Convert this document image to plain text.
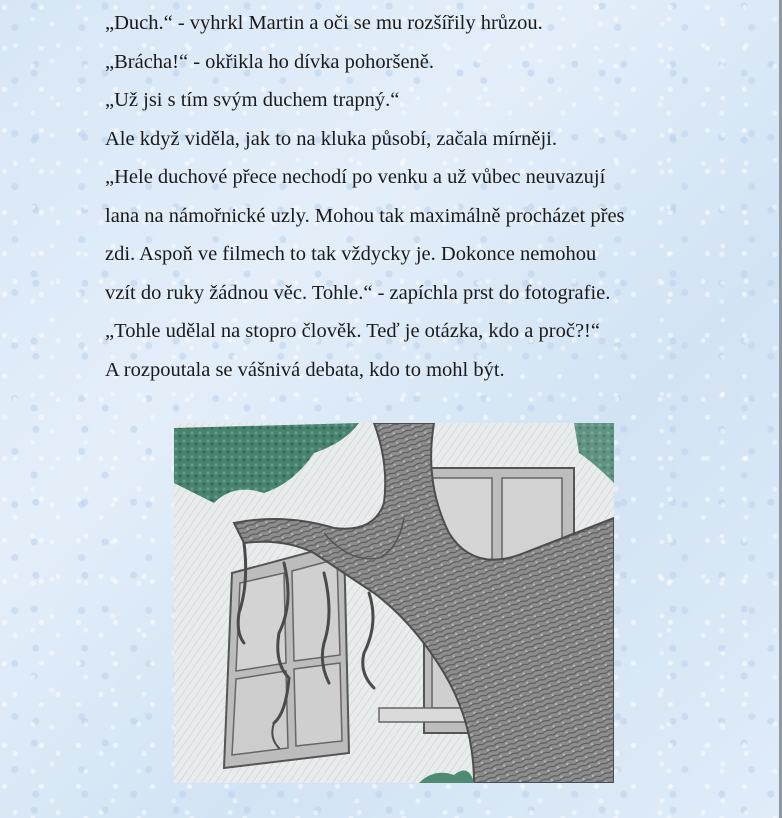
„Duch.“ - vyhrkl Martin a oči se mu rozšířily hrůzou.
„Brácha!“ - okřikla ho dívka pohoršeně.
„Už jsi s tím svým duchem trapný.“
Ale když viděla, jak to na kluka působí, začala mírněji.
„Hele duchové přece nechodí po venku a už vůbec neuvazují
lana na námořnické uzly. Mohou tak maximálně procházet přes
zdi. Aspoň ve filmech to tak vždycky je. Dokonce nemohou
vzít do ruky žádnou věc. Tohle.“ - zapíchla prst do fotografie.
„Tohle udělal na stopro člověk. Teď je otázka, kdo a proč?!“
A rozpoutala se vášnivá debata, kdo to mohl být.
